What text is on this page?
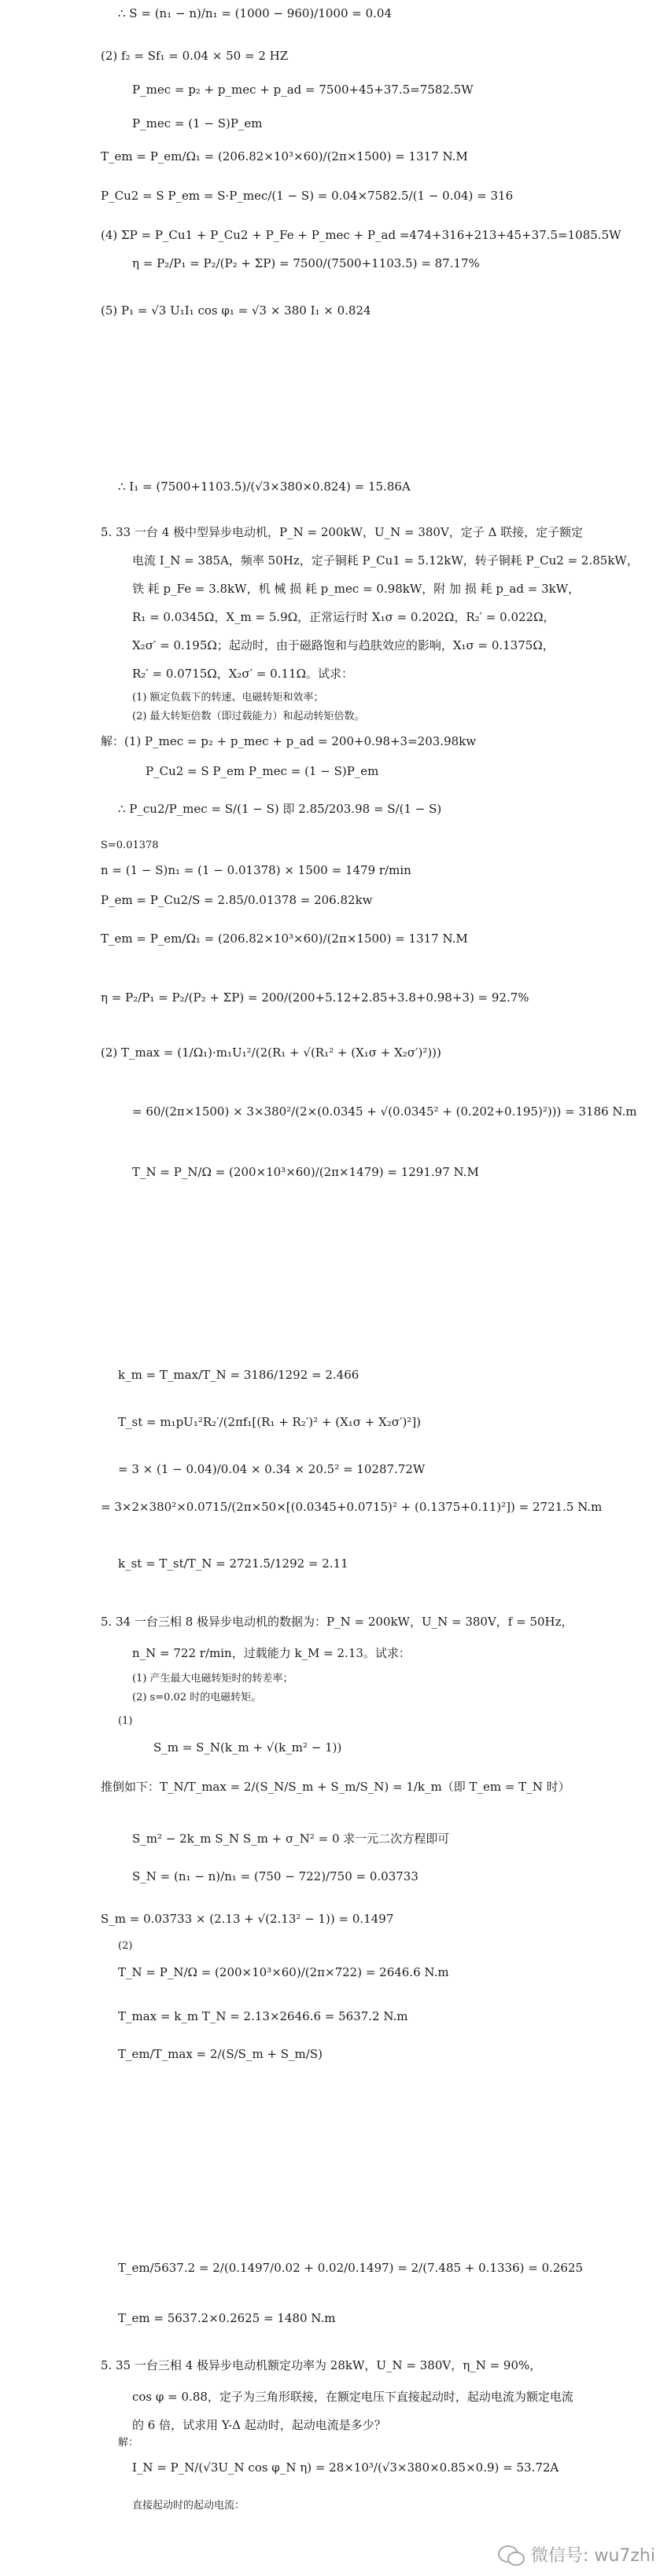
∴ S = (n₁ − n)/n₁ = (1000 − 960)/1000 = 0.04
(2) f₂ = Sf₁ = 0.04 × 50 = 2 HZ
P_mec = p₂ + p_mec + p_ad = 7500+45+37.5=7582.5W
P_mec = (1 − S)P_em
T_em = P_em/Ω₁ = (206.82×10³×60)/(2π×1500) = 1317 N.M
P_Cu2 = S P_em = S·P_mec/(1 − S) = 0.04×7582.5/(1 − 0.04) = 316
(4) ΣP = P_Cu1 + P_Cu2 + P_Fe + P_mec + P_ad =474+316+213+45+37.5=1085.5W
η = P₂/P₁ = P₂/(P₂ + ΣP) = 7500/(7500+1103.5) = 87.17%
(5) P₁ = √3 U₁I₁ cos φ₁ = √3 × 380 I₁ × 0.824
∴ I₁ = (7500+1103.5)/(√3×380×0.824) = 15.86A
5. 33 一台 4 极中型异步电动机，P_N = 200kW，U_N = 380V，定子 Δ 联接，定子额定
电流 I_N = 385A，频率 50Hz，定子铜耗 P_Cu1 = 5.12kW，转子铜耗 P_Cu2 = 2.85kW，
铁 耗 p_Fe = 3.8kW，机 械 损 耗 p_mec = 0.98kW，附 加 损 耗 p_ad = 3kW，
R₁ = 0.0345Ω，X_m = 5.9Ω，正常运行时 X₁σ = 0.202Ω，R₂′ = 0.022Ω，
X₂σ′ = 0.195Ω；起动时，由于磁路饱和与趋肤效应的影响，X₁σ = 0.1375Ω，
R₂′ = 0.0715Ω，X₂σ′ = 0.11Ω。试求：
(1) 额定负载下的转速、电磁转矩和效率；
(2) 最大转矩倍数（即过载能力）和起动转矩倍数。
解：(1) P_mec = p₂ + p_mec + p_ad = 200+0.98+3=203.98kw
P_Cu2 = S P_em P_mec = (1 − S)P_em
∴ P_cu2/P_mec = S/(1 − S) 即 2.85/203.98 = S/(1 − S)
S=0.01378
n = (1 − S)n₁ = (1 − 0.01378) × 1500 = 1479 r/min
P_em = P_Cu2/S = 2.85/0.01378 = 206.82kw
T_em = P_em/Ω₁ = (206.82×10³×60)/(2π×1500) = 1317 N.M
η = P₂/P₁ = P₂/(P₂ + ΣP) = 200/(200+5.12+2.85+3.8+0.98+3) = 92.7%
(2) T_max = (1/Ω₁)·m₁U₁²/(2(R₁ + √(R₁² + (X₁σ + X₂σ′)²)))
= 60/(2π×1500) × 3×380²/(2×(0.0345 + √(0.0345² + (0.202+0.195)²))) = 3186 N.m
T_N = P_N/Ω = (200×10³×60)/(2π×1479) = 1291.97 N.M
k_m = T_max/T_N = 3186/1292 = 2.466
T_st = m₁pU₁²R₂′/(2πf₁[(R₁ + R₂′)² + (X₁σ + X₂σ′)²])
= 3 × (1 − 0.04)/0.04 × 0.34 × 20.5² = 10287.72W
= 3×2×380²×0.0715/(2π×50×[(0.0345+0.0715)² + (0.1375+0.11)²]) = 2721.5 N.m
k_st = T_st/T_N = 2721.5/1292 = 2.11
5. 34 一台三相 8 极异步电动机的数据为：P_N = 200kW，U_N = 380V，f = 50Hz，
n_N = 722 r/min，过载能力 k_M = 2.13。试求：
(1) 产生最大电磁转矩时的转差率；
(2) s=0.02 时的电磁转矩。
(1)
S_m = S_N(k_m + √(k_m² − 1))
推倒如下：T_N/T_max = 2/(S_N/S_m + S_m/S_N) = 1/k_m（即 T_em = T_N 时）
S_m² − 2k_m S_N S_m + σ_N² = 0 求一元二次方程即可
S_N = (n₁ − n)/n₁ = (750 − 722)/750 = 0.03733
S_m = 0.03733 × (2.13 + √(2.13² − 1)) = 0.1497
(2)
T_N = P_N/Ω = (200×10³×60)/(2π×722) = 2646.6 N.m
T_max = k_m T_N = 2.13×2646.6 = 5637.2 N.m
T_em/T_max = 2/(S/S_m + S_m/S)
T_em/5637.2 = 2/(0.1497/0.02 + 0.02/0.1497) = 2/(7.485 + 0.1336) = 0.2625
T_em = 5637.2×0.2625 = 1480 N.m
5. 35 一台三相 4 极异步电动机额定功率为 28kW，U_N = 380V，η_N = 90%，
cos φ = 0.88，定子为三角形联接，在额定电压下直接起动时，起动电流为额定电流
的 6 倍，试求用 Y-Δ 起动时，起动电流是多少？
解：
I_N = P_N/(√3U_N cos φ_N η) = 28×10³/(√3×380×0.85×0.9) = 53.72A
直接起动时的起动电流：
微信号: wu7zhi
